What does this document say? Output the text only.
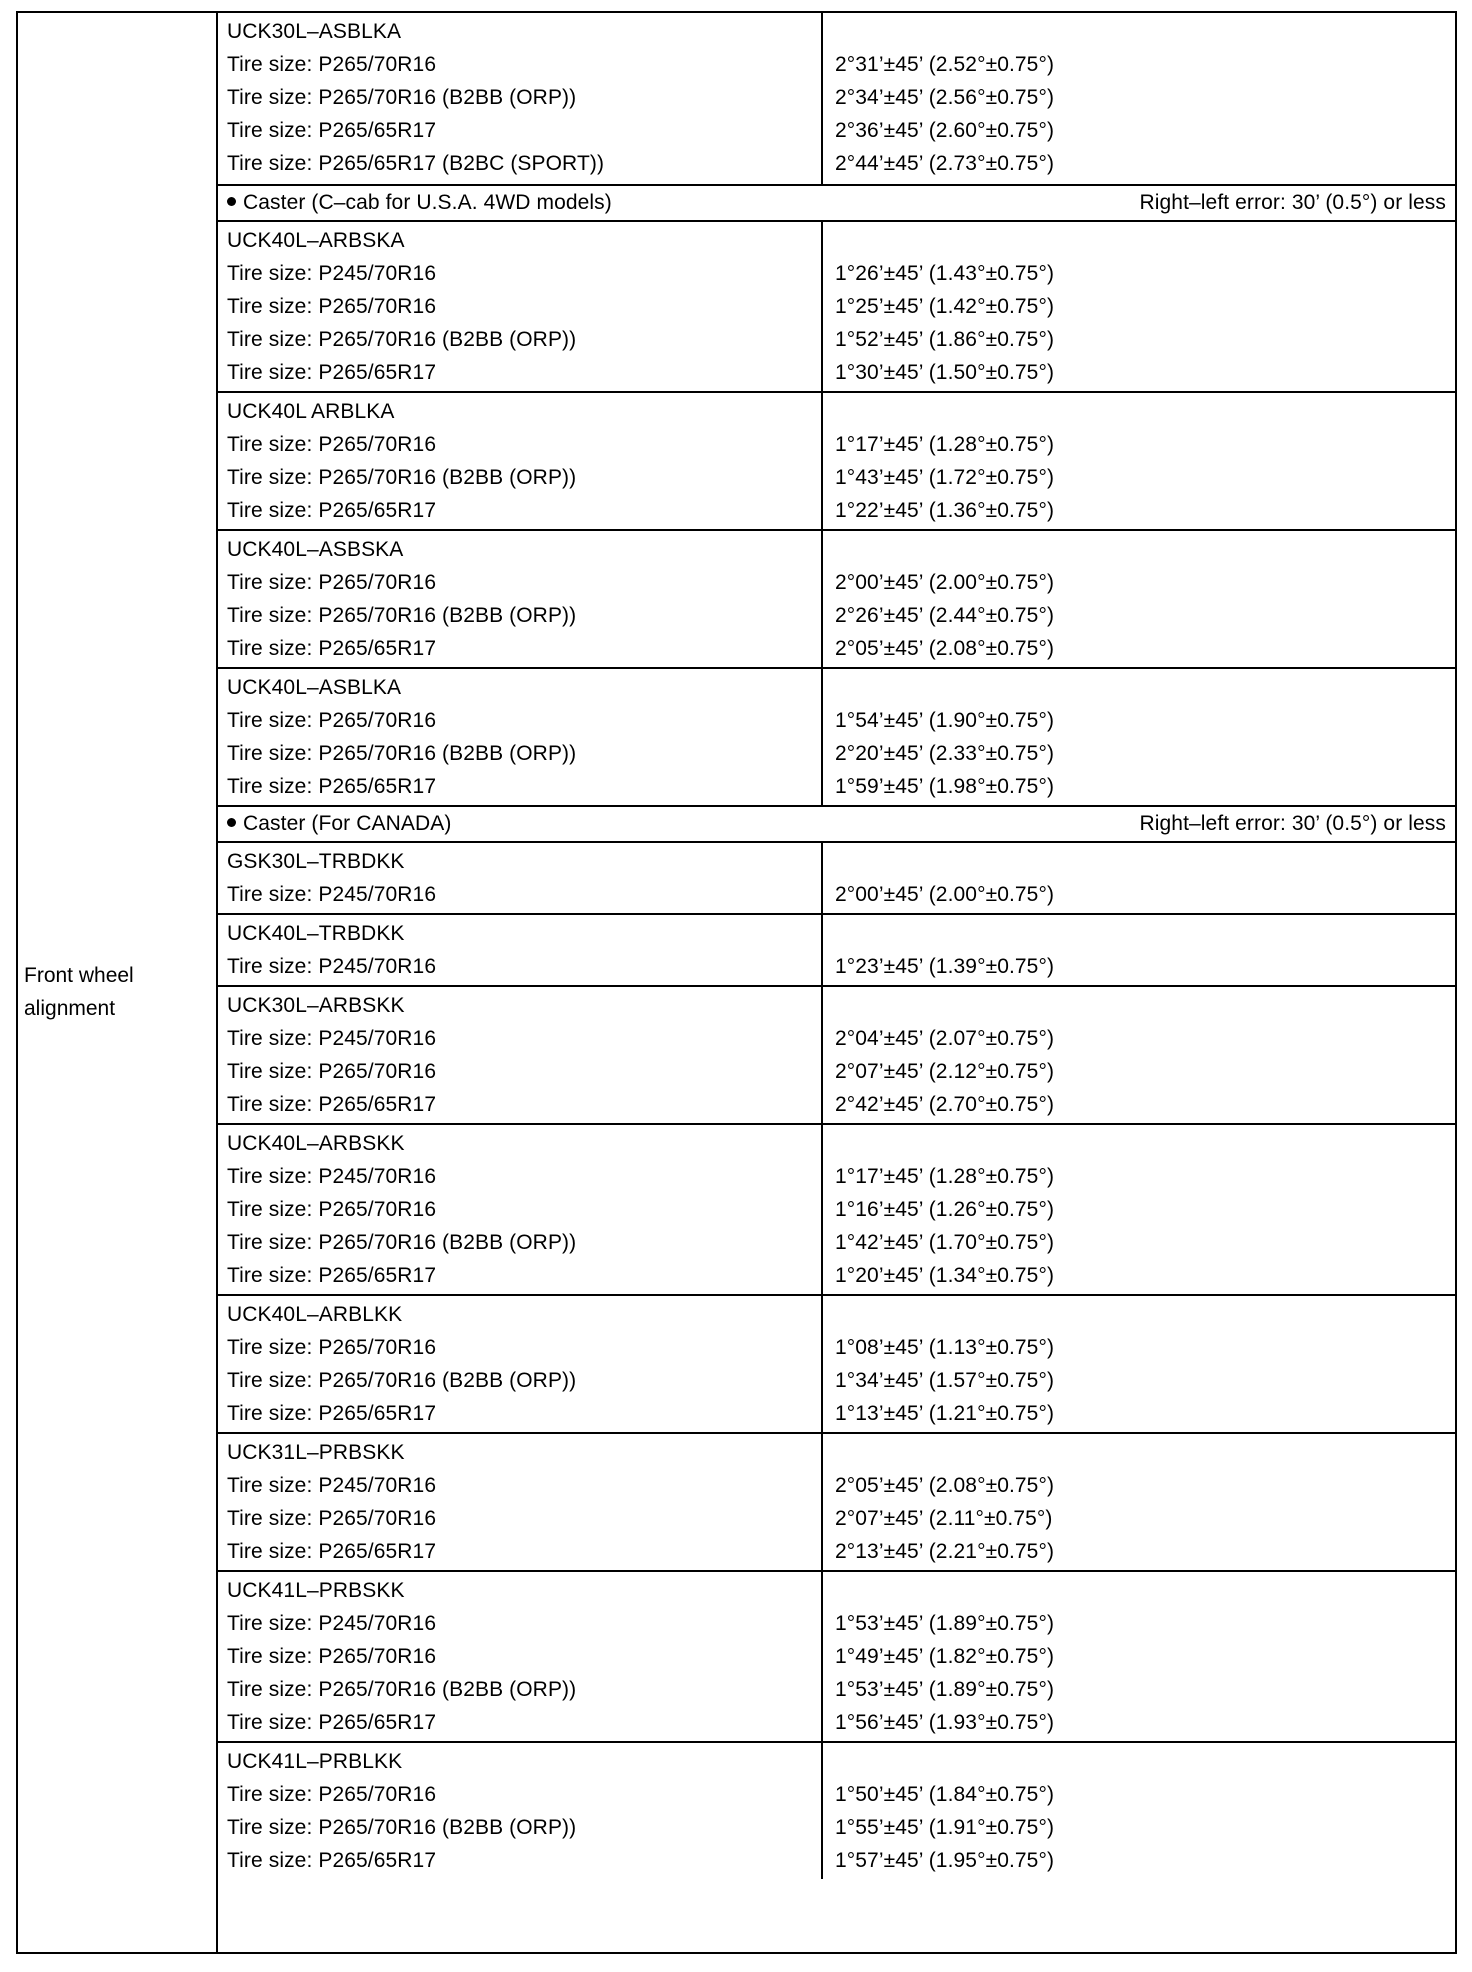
Front wheel
alignment
UCK30L–ASBLKA
Tire size: P265/70R16	2°31’±45’ (2.52°±0.75°)
Tire size: P265/70R16 (B2BB (ORP))	2°34’±45’ (2.56°±0.75°)
Tire size: P265/65R17	2°36’±45’ (2.60°±0.75°)
Tire size: P265/65R17 (B2BC (SPORT))	2°44’±45’ (2.73°±0.75°)
Caster (C–cab for U.S.A. 4WD models)	Right–left error: 30’ (0.5°) or less
UCK40L–ARBSKA
Tire size: P245/70R16	1°26’±45’ (1.43°±0.75°)
Tire size: P265/70R16	1°25’±45’ (1.42°±0.75°)
Tire size: P265/70R16 (B2BB (ORP))	1°52’±45’ (1.86°±0.75°)
Tire size: P265/65R17	1°30’±45’ (1.50°±0.75°)
UCK40L ARBLKA
Tire size: P265/70R16	1°17’±45’ (1.28°±0.75°)
Tire size: P265/70R16 (B2BB (ORP))	1°43’±45’ (1.72°±0.75°)
Tire size: P265/65R17	1°22’±45’ (1.36°±0.75°)
UCK40L–ASBSKA
Tire size: P265/70R16	2°00’±45’ (2.00°±0.75°)
Tire size: P265/70R16 (B2BB (ORP))	2°26’±45’ (2.44°±0.75°)
Tire size: P265/65R17	2°05’±45’ (2.08°±0.75°)
UCK40L–ASBLKA
Tire size: P265/70R16	1°54’±45’ (1.90°±0.75°)
Tire size: P265/70R16 (B2BB (ORP))	2°20’±45’ (2.33°±0.75°)
Tire size: P265/65R17	1°59’±45’ (1.98°±0.75°)
Caster (For CANADA)	Right–left error: 30’ (0.5°) or less
GSK30L–TRBDKK
Tire size: P245/70R16	2°00’±45’ (2.00°±0.75°)
UCK40L–TRBDKK
Tire size: P245/70R16	1°23’±45’ (1.39°±0.75°)
UCK30L–ARBSKK
Tire size: P245/70R16	2°04’±45’ (2.07°±0.75°)
Tire size: P265/70R16	2°07’±45’ (2.12°±0.75°)
Tire size: P265/65R17	2°42’±45’ (2.70°±0.75°)
UCK40L–ARBSKK
Tire size: P245/70R16	1°17’±45’ (1.28°±0.75°)
Tire size: P265/70R16	1°16’±45’ (1.26°±0.75°)
Tire size: P265/70R16 (B2BB (ORP))	1°42’±45’ (1.70°±0.75°)
Tire size: P265/65R17	1°20’±45’ (1.34°±0.75°)
UCK40L–ARBLKK
Tire size: P265/70R16	1°08’±45’ (1.13°±0.75°)
Tire size: P265/70R16 (B2BB (ORP))	1°34’±45’ (1.57°±0.75°)
Tire size: P265/65R17	1°13’±45’ (1.21°±0.75°)
UCK31L–PRBSKK
Tire size: P245/70R16	2°05’±45’ (2.08°±0.75°)
Tire size: P265/70R16	2°07’±45’ (2.11°±0.75°)
Tire size: P265/65R17	2°13’±45’ (2.21°±0.75°)
UCK41L–PRBSKK
Tire size: P245/70R16	1°53’±45’ (1.89°±0.75°)
Tire size: P265/70R16	1°49’±45’ (1.82°±0.75°)
Tire size: P265/70R16 (B2BB (ORP))	1°53’±45’ (1.89°±0.75°)
Tire size: P265/65R17	1°56’±45’ (1.93°±0.75°)
UCK41L–PRBLKK
Tire size: P265/70R16	1°50’±45’ (1.84°±0.75°)
Tire size: P265/70R16 (B2BB (ORP))	1°55’±45’ (1.91°±0.75°)
Tire size: P265/65R17	1°57’±45’ (1.95°±0.75°)
